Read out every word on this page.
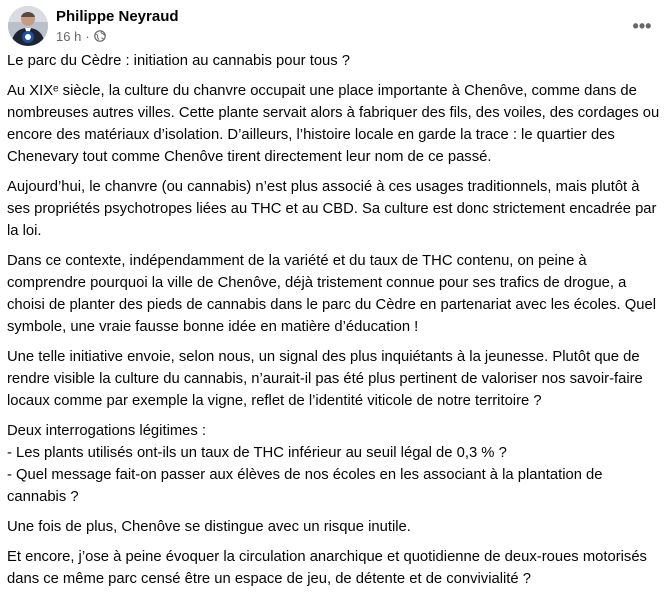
Philippe Neyraud
16 h ·	•••

Le parc du Cèdre : initiation au cannabis pour tous ?

Au XIXᵉ siècle, la culture du chanvre occupait une place importante à Chenôve, comme dans de nombreuses autres villes. Cette plante servait alors à fabriquer des fils, des voiles, des cordages ou encore des matériaux d’isolation. D’ailleurs, l’histoire locale en garde la trace : le quartier des Chenevary tout comme Chenôve tirent directement leur nom de ce passé.

Aujourd’hui, le chanvre (ou cannabis) n’est plus associé à ces usages traditionnels, mais plutôt à ses propriétés psychotropes liées au THC et au CBD. Sa culture est donc strictement encadrée par la loi.

Dans ce contexte, indépendamment de la variété et du taux de THC contenu, on peine à comprendre pourquoi la ville de Chenôve, déjà tristement connue pour ses trafics de drogue, a choisi de planter des pieds de cannabis dans le parc du Cèdre en partenariat avec les écoles. Quel symbole, une vraie fausse bonne idée en matière d’éducation !

Une telle initiative envoie, selon nous, un signal des plus inquiétants à la jeunesse. Plutôt que de rendre visible la culture du cannabis, n’aurait-il pas été plus pertinent de valoriser nos savoir-faire locaux comme par exemple la vigne, reflet de l’identité viticole de notre territoire ?

Deux interrogations légitimes :
- Les plants utilisés ont-ils un taux de THC inférieur au seuil légal de 0,3 % ?
- Quel message fait-on passer aux élèves de nos écoles en les associant à la plantation de cannabis ?

Une fois de plus, Chenôve se distingue avec un risque inutile.

Et encore, j’ose à peine évoquer la circulation anarchique et quotidienne de deux-roues motorisés dans ce même parc censé être un espace de jeu, de détente et de convivialité ?
